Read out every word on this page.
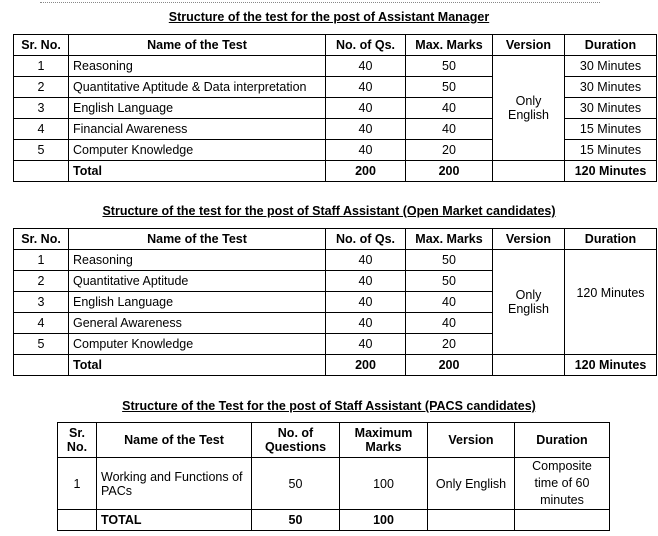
Structure of the test for the post of Assistant Manager
Sr. No.	Name of the Test	No. of Qs.	Max. Marks	Version	Duration
1	Reasoning	40	50	Only English	30 Minutes
2	Quantitative Aptitude & Data interpretation	40	50		30 Minutes
3	English Language	40	40		30 Minutes
4	Financial Awareness	40	40		15 Minutes
5	Computer Knowledge	40	20		15 Minutes
	Total	200	200		120 Minutes
Structure of the test for the post of Staff Assistant (Open Market candidates)
Sr. No.	Name of the Test	No. of Qs.	Max. Marks	Version	Duration
1	Reasoning	40	50	Only English	120 Minutes
2	Quantitative Aptitude	40	50		
3	English Language	40	40		
4	General Awareness	40	40		
5	Computer Knowledge	40	20		
	Total	200	200		120 Minutes
Structure of the Test for the post of Staff Assistant (PACS candidates)
Sr. No.	Name of the Test	No. of Questions	Maximum Marks	Version	Duration
1	Working and Functions of PACs	50	100	Only English	Composite time of 60 minutes
	TOTAL	50	100		
